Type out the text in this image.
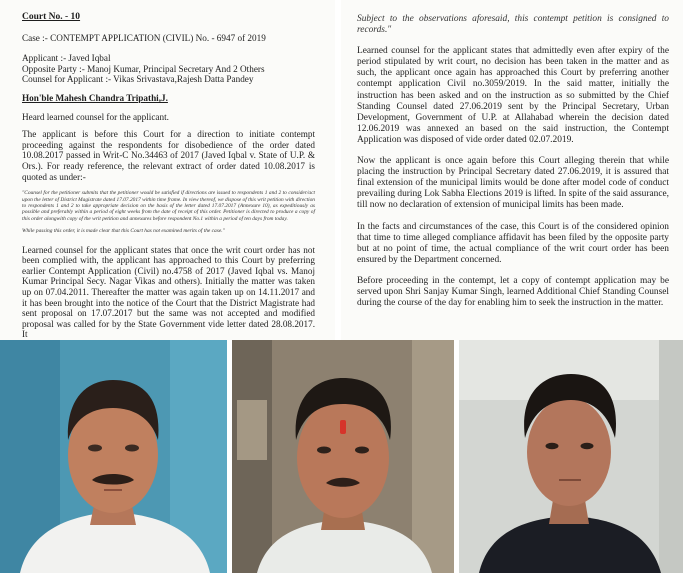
Court No. - 10

Case :- CONTEMPT APPLICATION (CIVIL) No. - 6947 of 2019

Applicant :- Javed Iqbal

Opposite Party :- Manoj Kumar, Principal Secretary And 2 Others

Counsel for Applicant :- Vikas Srivastava,Rajesh Datta Pandey

Hon'ble Mahesh Chandra Tripathi,J.

Heard learned counsel for the applicant.

The applicant is before this Court for a direction to initiate contempt proceeding against the respondents for disobedience of the order dated 10.08.2017 passed in Writ-C No.34463 of 2017 (Javed Iqbal v. State of U.P. & Ors.). For ready reference, the relevant extract of order dated 10.08.2017 is quoted as under:-

"Counsel for the petitioner submits that the petitioner would be satisfied if directions are issued to respondents 1 and 2 to consider/act upon the letter of District Magistrate dated 17.07.2017 within time frame. In view thereof, we dispose of this writ petition with direction to respondents 1 and 2 to take appropriate decision on the basis of the letter dated 17.07.2017 (Annexure 10), as expeditiously as possible and preferably within a period of eight weeks from the date of receipt of this order. Petitioner is directed to produce a copy of this order alongwith copy of the writ petition and annexures before respondent No.1 within a period of ten days from today.

While passing this order, it is made clear that this Court has not examined merits of the case."

Learned counsel for the applicant states that once the writ court order has not been complied with, the applicant has approached to this Court by preferring earlier Contempt Application (Civil) no.4758 of 2017 (Javed Iqbal vs. Manoj Kumar Principal Secy. Nagar Vikas and others). Initially the matter was taken up on 07.04.2011. Thereafter the matter was again taken up on 14.11.2017 and it has been brought into the notice of the Court that the District Magistrate had sent proposal on 17.07.2017 but the same was not accepted and modified proposal was called for by the State Government vide letter dated 28.08.2017. It

Subject to the observations aforesaid, this contempt petition is consigned to records."

Learned counsel for the applicant states that admittedly even after expiry of the period stipulated by writ court, no decision has been taken in the matter and as such, the applicant once again has approached this Court by preferring another contempt application Civil no.3059/2019. In the said matter, initially the instruction has been asked and on the instruction as so submitted by the Chief Standing Counsel dated 27.06.2019 sent by the Principal Secretary, Urban Development, Government of U.P. at Allahabad wherein the decision dated 12.06.2019 was annexed an based on the said instruction, the Contempt Application was disposed of vide order dated 02.07.2019.

Now the applicant is once again before this Court alleging therein that while placing the instruction by Principal Secretary dated 27.06.2019, it is assured that final extension of the municipal limits would be done after model code of conduct prevailing during Lok Sabha Elections 2019 is lifted. In spite of the said assurance, till now no declaration of extension of municipal limits has been made.

In the facts and circumstances of the case, this Court is of the considered opinion that time to time alleged compliance affidavit has been filed by the opposite party but at no point of time, the actual compliance of the writ court order has been ensured by the Department concerned.

Before proceeding in the contempt, let a copy of contempt application may be served upon Shri Sanjay Kumar Singh, learned Additional Chief Standing Counsel during the course of the day for enabling him to seek the instruction in the matter.
